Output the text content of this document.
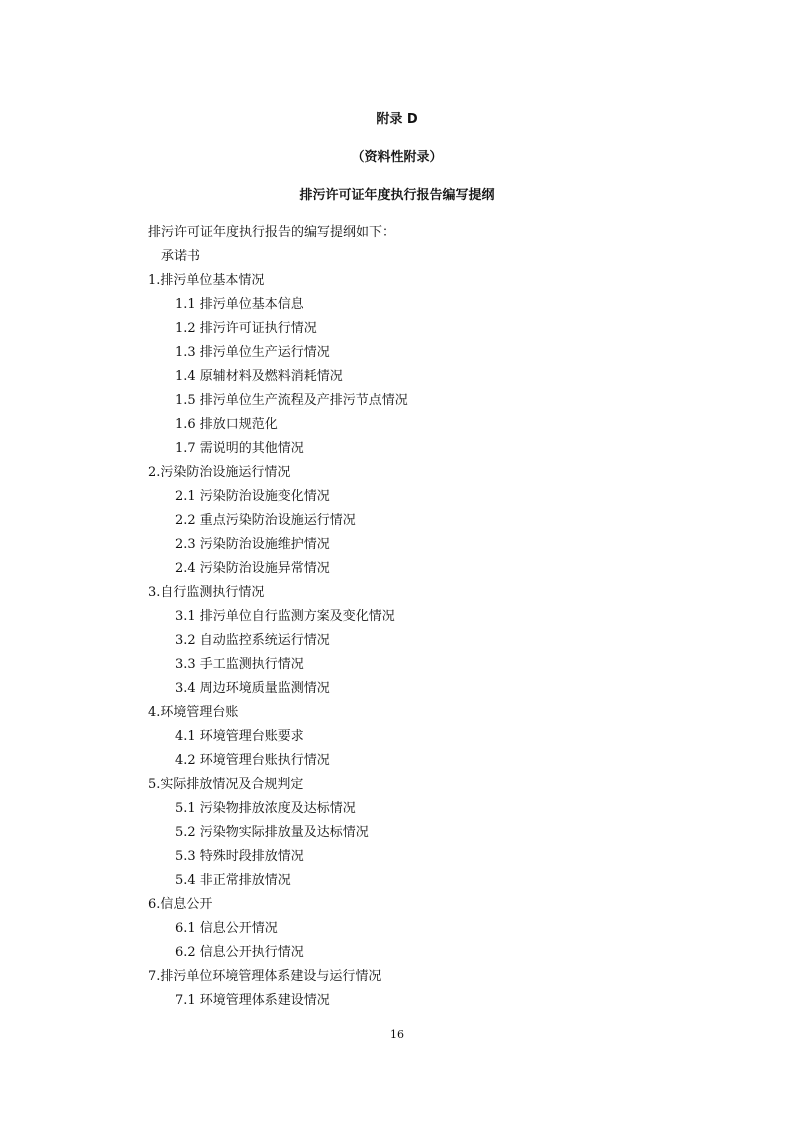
附录 D
（资料性附录）
排污许可证年度执行报告编写提纲
排污许可证年度执行报告的编写提纲如下：
承诺书
1.排污单位基本情况
1.1 排污单位基本信息
1.2 排污许可证执行情况
1.3 排污单位生产运行情况
1.4 原辅材料及燃料消耗情况
1.5 排污单位生产流程及产排污节点情况
1.6 排放口规范化
1.7 需说明的其他情况
2.污染防治设施运行情况
2.1 污染防治设施变化情况
2.2 重点污染防治设施运行情况
2.3 污染防治设施维护情况
2.4 污染防治设施异常情况
3.自行监测执行情况
3.1 排污单位自行监测方案及变化情况
3.2 自动监控系统运行情况
3.3 手工监测执行情况
3.4 周边环境质量监测情况
4.环境管理台账
4.1 环境管理台账要求
4.2 环境管理台账执行情况
5.实际排放情况及合规判定
5.1 污染物排放浓度及达标情况
5.2 污染物实际排放量及达标情况
5.3 特殊时段排放情况
5.4 非正常排放情况
6.信息公开
6.1 信息公开情况
6.2 信息公开执行情况
7.排污单位环境管理体系建设与运行情况
7.1 环境管理体系建设情况
16
